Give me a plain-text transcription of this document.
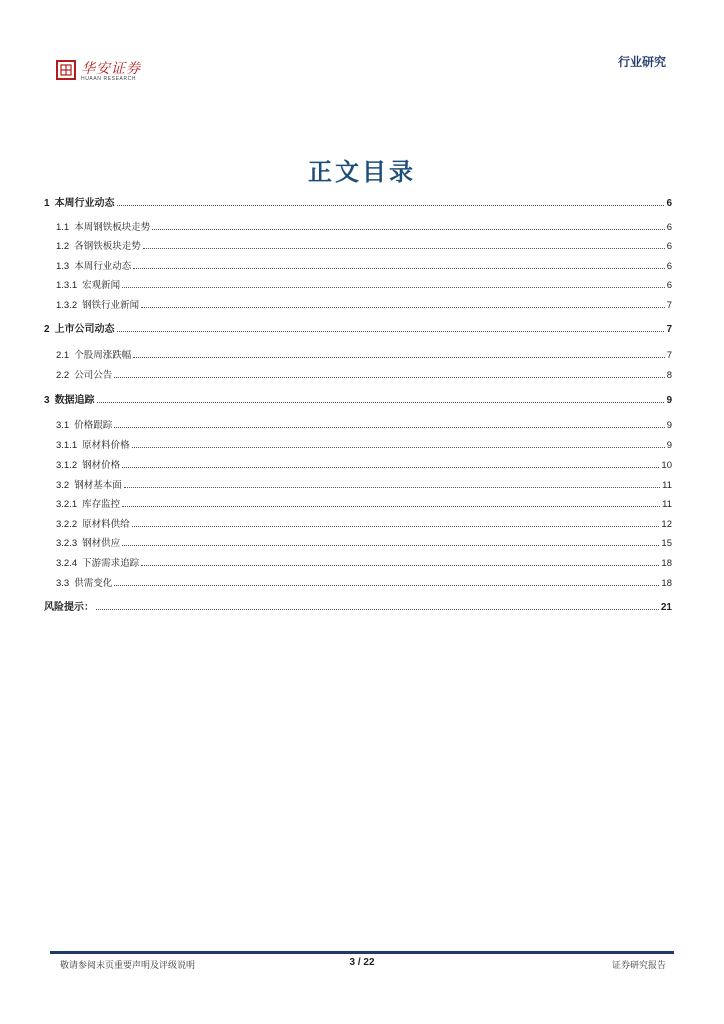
华安证券
HUAAN RESEARCH
行业研究
正文目录
1 本周行业动态	6
1.1 本周钢铁板块走势	6
1.2 各钢铁板块走势	6
1.3 本周行业动态	6
1.3.1 宏观新闻	6
1.3.2 钢铁行业新闻	7
2 上市公司动态	7
2.1 个股周涨跌幅	7
2.2 公司公告	8
3 数据追踪	9
3.1 价格跟踪	9
3.1.1 原材料价格	9
3.1.2 钢材价格	10
3.2 钢材基本面	11
3.2.1 库存监控	11
3.2.2 原材料供给	12
3.2.3 钢材供应	15
3.2.4 下游需求追踪	18
3.3 供需变化	18
风险提示：	21
敬请参阅末页重要声明及评级说明	3 / 22	证券研究报告
